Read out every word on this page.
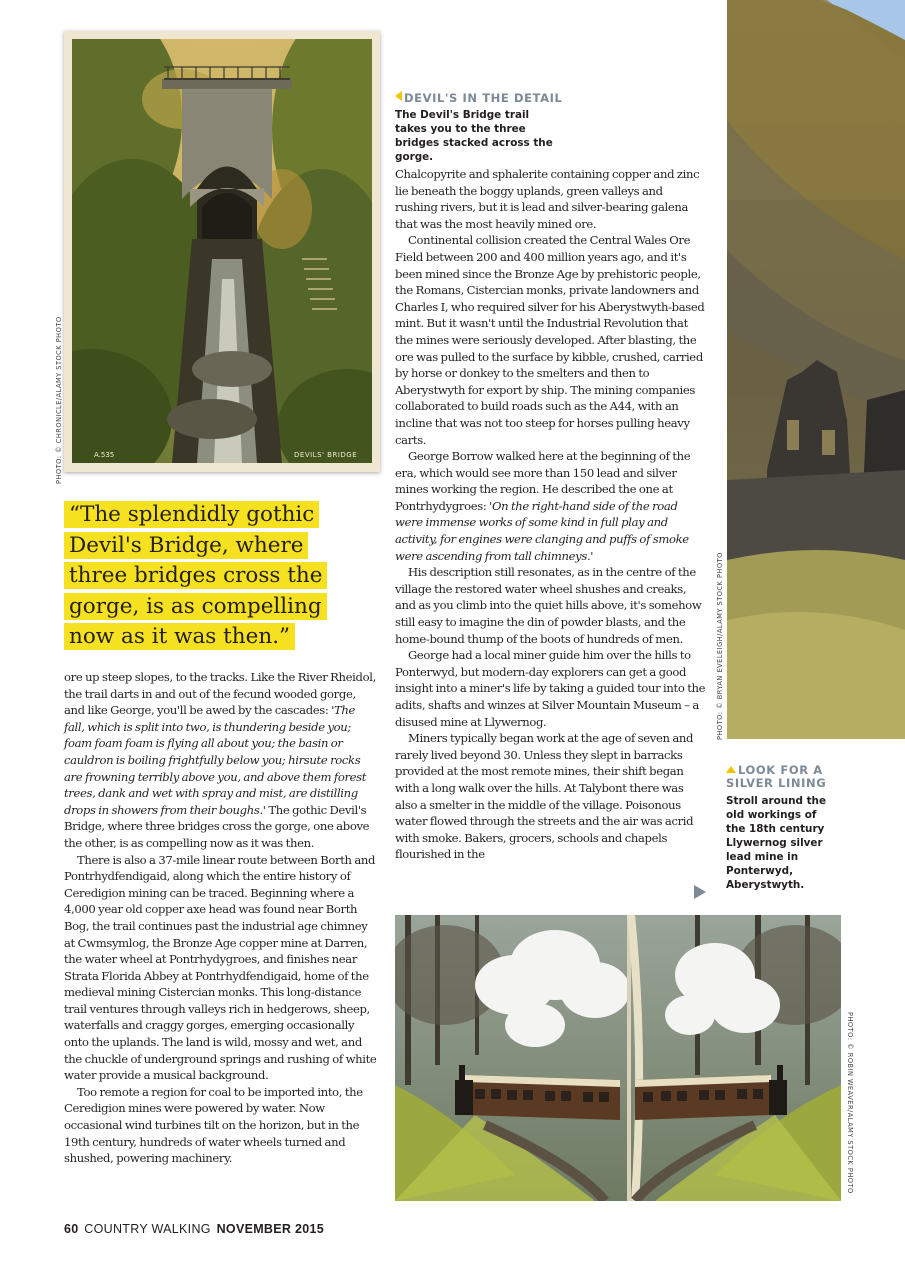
A.535	DEVILS' BRIDGE
PHOTO: © CHRONICLE/ALAMY STOCK PHOTO
PHOTO: © BRYAN EVELEIGH/ALAMY STOCK PHOTO
DEVIL'S IN THE DETAIL
The Devil's Bridge trail takes you to the three bridges stacked across the gorge.

Chalcopyrite and sphalerite containing copper and zinc lie beneath the boggy uplands, green valleys and rushing rivers, but it is lead and silver-bearing galena that was the most heavily mined ore.

Continental collision created the Central Wales Ore Field between 200 and 400 million years ago, and it's been mined since the Bronze Age by prehistoric people, the Romans, Cistercian monks, private landowners and Charles I, who required silver for his Aberystwyth-based mint. But it wasn't until the Industrial Revolution that the mines were seriously developed. After blasting, the ore was pulled to the surface by kibble, crushed, carried by horse or donkey to the smelters and then to Aberystwyth for export by ship. The mining companies collaborated to build roads such as the A44, with an incline that was not too steep for horses pulling heavy carts.

George Borrow walked here at the beginning of the era, which would see more than 150 lead and silver mines working the region. He described the one at Pontrhydygroes: 'On the right-hand side of the road were immense works of some kind in full play and activity, for engines were clanging and puffs of smoke were ascending from tall chimneys.'

His description still resonates, as in the centre of the village the restored water wheel shushes and creaks, and as you climb into the quiet hills above, it's somehow still easy to imagine the din of powder blasts, and the home-bound thump of the boots of hundreds of men.

George had a local miner guide him over the hills to Ponterwyd, but modern-day explorers can get a good insight into a miner's life by taking a guided tour into the adits, shafts and winzes at Silver Mountain Museum – a disused mine at Llywernog.

Miners typically began work at the age of seven and rarely lived beyond 30. Unless they slept in barracks provided at the most remote mines, their shift began with a long walk over the hills. At Talybont there was also a smelter in the middle of the village. Poisonous water flowed through the streets and the air was acrid with smoke. Bakers, grocers, schools and chapels flourished in the

LOOK FOR A
SILVER LINING
Stroll around the old workings of the 18th century Llywernog silver lead mine in Ponterwyd, Aberystwyth.
“The splendidly gothic
Devil's Bridge, where
three bridges cross the
gorge, is as compelling
now as it was then.”

ore up steep slopes, to the tracks. Like the River Rheidol, the trail darts in and out of the fecund wooded gorge, and like George, you'll be awed by the cascades: 'The fall, which is split into two, is thundering beside you; foam foam foam is flying all about you; the basin or cauldron is boiling frightfully below you; hirsute rocks are frowning terribly above you, and above them forest trees, dank and wet with spray and mist, are distilling drops in showers from their boughs.' The gothic Devil's Bridge, where three bridges cross the gorge, one above the other, is as compelling now as it was then.

There is also a 37-mile linear route between Borth and Pontrhydfendigaid, along which the entire history of Ceredigion mining can be traced. Beginning where a 4,000 year old copper axe head was found near Borth Bog, the trail continues past the industrial age chimney at Cwmsymlog, the Bronze Age copper mine at Darren, the water wheel at Pontrhydygroes, and finishes near Strata Florida Abbey at Pontrhydfendigaid, home of the medieval mining Cistercian monks. This long-distance trail ventures through valleys rich in hedgerows, sheep, waterfalls and craggy gorges, emerging occasionally onto the uplands. The land is wild, mossy and wet, and the chuckle of underground springs and rushing of white water provide a musical background.

Too remote a region for coal to be imported into, the Ceredigion mines were powered by water. Now occasional wind turbines tilt on the horizon, but in the 19th century, hundreds of water wheels turned and shushed, powering machinery.	PHOTO: © ROBIN WEAVER/ALAMY STOCK PHOTO
60 COUNTRY WALKING NOVEMBER 2015
